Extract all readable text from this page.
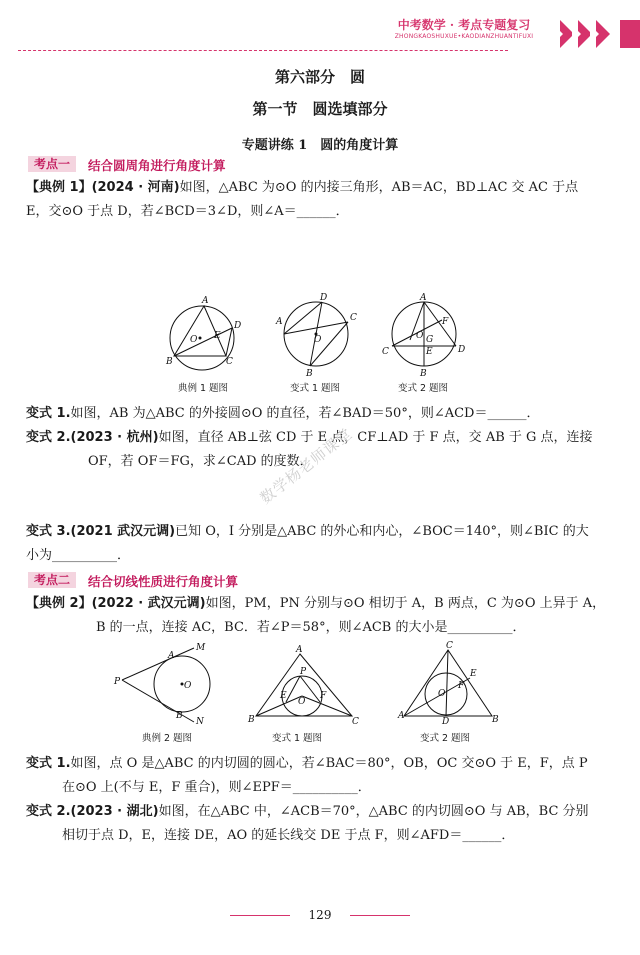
中考数学 · 考点专题复习
ZHONGKAOSHUXUE•KAODIANZHUANTIFUXI
第六部分　圆
第一节　圆选填部分
专题讲练 1　圆的角度计算
考点一	结合圆周角进行角度计算
【典例 1】(2024 · 河南)如图，△ABC 为⊙O 的内接三角形，AB＝AC，BD⊥AC 交 AC 于点
E，交⊙O 于点 D，若∠BCD＝3∠D，则∠A＝______．
A
B	C
D
E
O
典例 1 题图
D
A	C
B
O
变式 1 题图
A
C	D
B
F
O G
E
变式 2 题图
变式 1.如图，AB 为△ABC 的外接圆⊙O 的直径，若∠BAD＝50°，则∠ACD＝______．
变式 2.(2023 · 杭州)如图，直径 AB⊥弦 CD 于 E 点，CF⊥AD 于 F 点，交 AB 于 G 点，连接
OF，若 OF＝FG，求∠CAD 的度数．
数学杨老师课堂
变式 3.(2021 武汉元调)已知 O，I 分别是△ABC 的外心和内心，∠BOC＝140°，则∠BIC 的大
小为__________．
考点二	结合切线性质进行角度计算
【典例 2】(2022 · 武汉元调)如图，PM，PN 分别与⊙O 相切于 A，B 两点，C 为⊙O 上异于 A，
B 的一点，连接 AC，BC．若∠P＝58°，则∠ACB 的大小是__________．
P
M
N
A
B
O
典例 2 题图
A
B	C
P
E	F
O
变式 1 题图
C
A	B
E
D
F
O
变式 2 题图
变式 1.如图，点 O 是△ABC 的内切圆的圆心，若∠BAC＝80°，OB，OC 交⊙O 于 E，F，点 P
在⊙O 上(不与 E，F 重合)，则∠EPF＝__________．
变式 2.(2023 · 湖北)如图，在△ABC 中，∠ACB＝70°，△ABC 的内切圆⊙O 与 AB，BC 分别
相切于点 D，E，连接 DE，AO 的延长线交 DE 于点 F，则∠AFD＝______．
129
